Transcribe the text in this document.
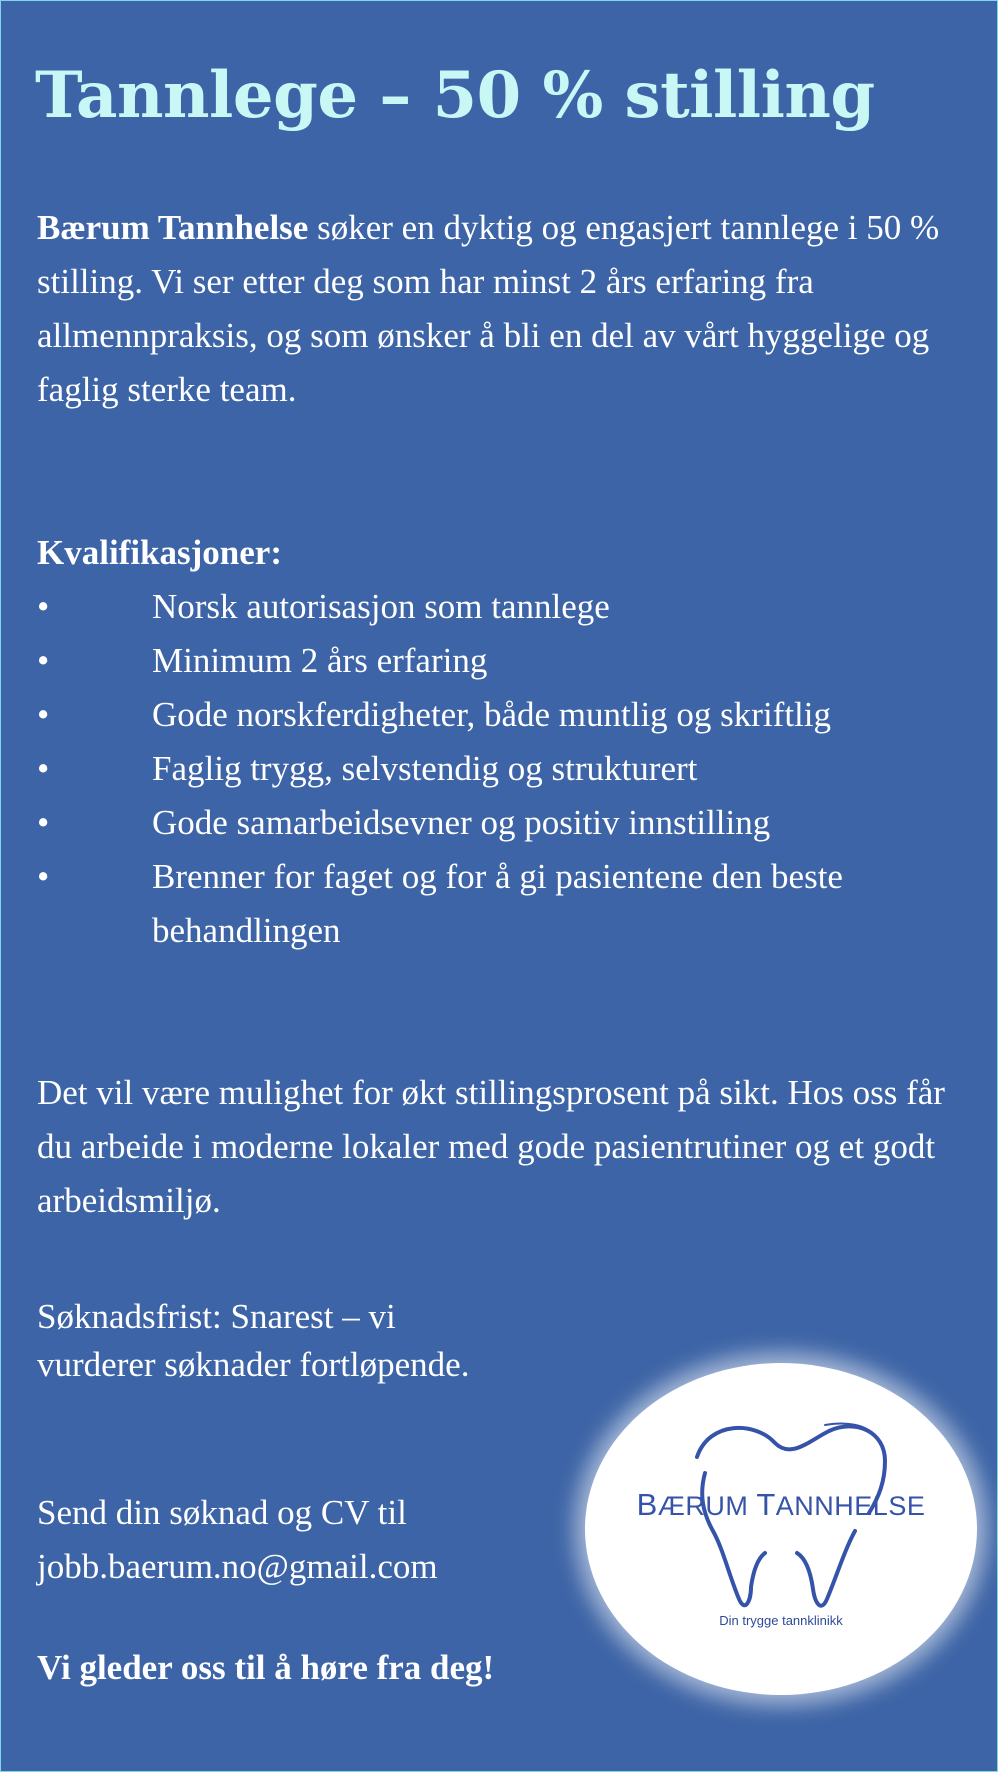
Tannlege – 50 % stilling

Bærum Tannhelse søker en dyktig og engasjert tannlege i 50 % stilling. Vi ser etter deg som har minst 2 års erfaring fra allmennpraksis, og som ønsker å bli en del av vårt hyggelige og faglig sterke team.

Kvalifikasjoner:

•	Norsk autorisasjon som tannlege
•	Minimum 2 års erfaring
•	Gode norskferdigheter, både muntlig og skriftlig
•	Faglig trygg, selvstendig og strukturert
•	Gode samarbeidsevner og positiv innstilling
•	Brenner for faget og for å gi pasientene den beste behandlingen

Det vil være mulighet for økt stillingsprosent på sikt. Hos oss får du arbeide i moderne lokaler med gode pasientrutiner og et godt arbeidsmiljø.

Søknadsfrist: Snarest – vi vurderer søknader fortløpende.

Send din søknad og CV til
jobb.baerum.no@gmail.com

Vi gleder oss til å høre fra deg!

BÆRUM TANNHELSE
Din trygge tannklinikk
